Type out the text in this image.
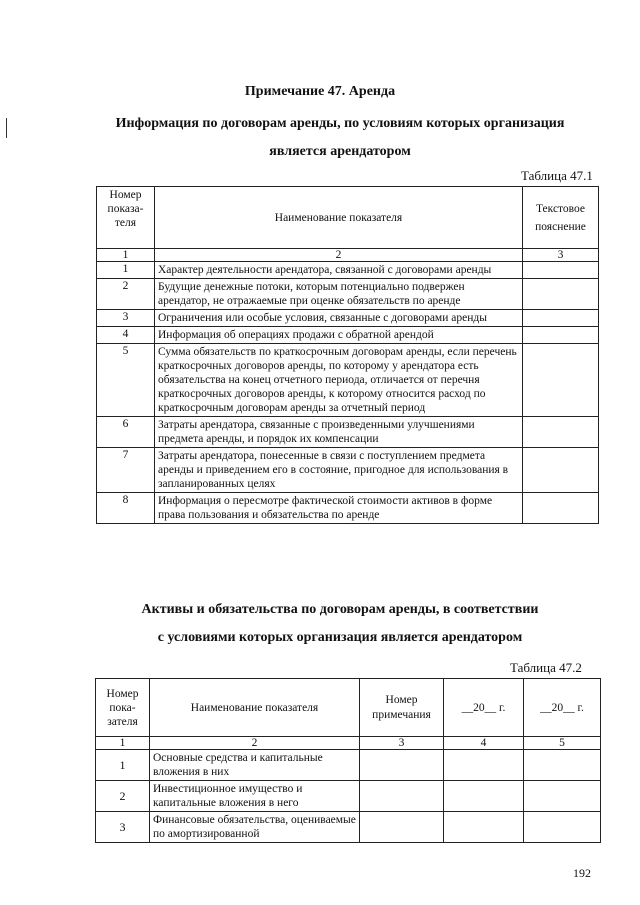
Примечание 47. Аренда
Информация по договорам аренды, по условиям которых организация
является арендатором
Таблица 47.1
Номер показа-теля	Наименование показателя	Текстовое пояснение
1	2	3
1	Характер деятельности арендатора, связанной с договорами аренды	
2	Будущие денежные потоки, которым потенциально подвержен арендатор, не отражаемые при оценке обязательств по аренде	
3	Ограничения или особые условия, связанные с договорами аренды	
4	Информация об операциях продажи с обратной арендой	
5	Сумма обязательств по краткосрочным договорам аренды, если перечень краткосрочных договоров аренды, по которому у арендатора есть обязательства на конец отчетного периода, отличается от перечня краткосрочных договоров аренды, к которому относится расход по краткосрочным договорам аренды за отчетный период	
6	Затраты арендатора, связанные с произведенными улучшениями предмета аренды, и порядок их компенсации	
7	Затраты арендатора, понесенные в связи с поступлением предмета аренды и приведением его в состояние, пригодное для использования в запланированных целях	
8	Информация о пересмотре фактической стоимости активов в форме права пользования и обязательства по аренде	
Активы и обязательства по договорам аренды, в соответствии
с условиями которых организация является арендатором
Таблица 47.2
Номер пока-зателя	Наименование показателя	Номер примечания	__20__ г.	__20__ г.
1	2	3	4	5
1	Основные средства и капитальные вложения в них			
2	Инвестиционное имущество и капитальные вложения в него			
3	Финансовые обязательства, оцениваемые по амортизированной			
192
